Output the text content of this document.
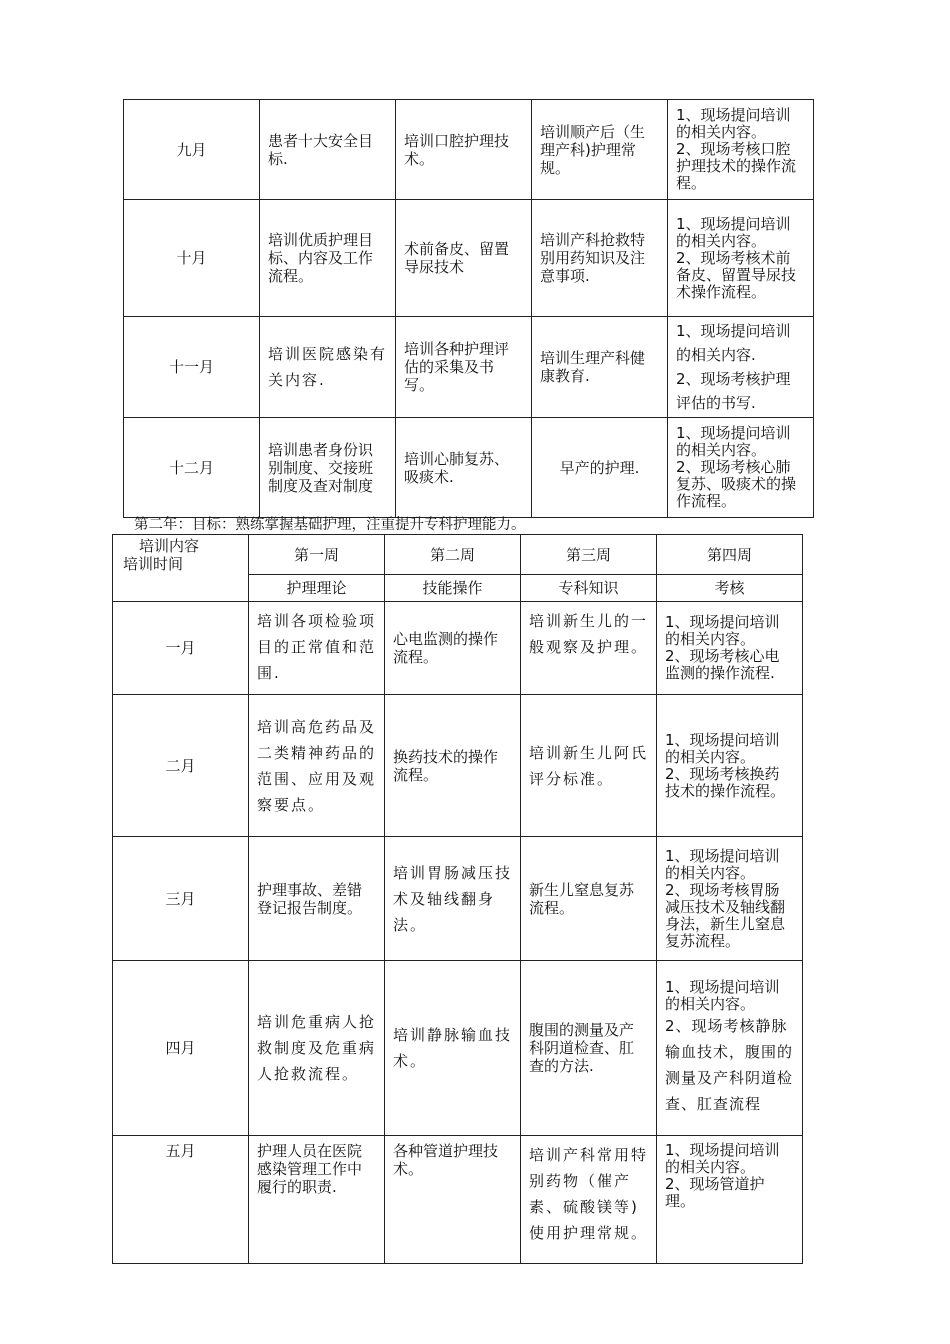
九月	患者十大安全目标.	培训口腔护理技术。	培训顺产后（生理产科)护理常规。	1、现场提问培训的相关内容。
2、现场考核口腔护理技术的操作流程。

十月	培训优质护理目标、内容及工作流程。	术前备皮、留置导尿技术	培训产科抢救特别用药知识及注意事项.	1、现场提问培训的相关内容。
2、现场考核术前备皮、留置导尿技术操作流程。

十一月	培训医院感染有关内容.	培训各种护理评估的采集及书写。	培训生理产科健康教育.	1、现场提问培训的相关内容.
2、现场考核护理评估的书写.

十二月	培训患者身份识别制度、交接班制度及查对制度	培训心肺复苏、吸痰术.	早产的护理.	1、现场提问培训的相关内容。
2、现场考核心肺复苏、吸痰术的操作流程。
第二年：目标：熟练掌握基础护理，注重提升专科护理能力。
培训内容
培训时间	第一周	第二周	第三周	第四周
	护理理论	技能操作	专科知识	考核
一月	培训各项检验项目的正常值和范围.	心电监测的操作流程。	培训新生儿的一般观察及护理。	1、现场提问培训的相关内容。
2、现场考核心电监测的操作流程.

二月	培训高危药品及二类精神药品的范围、应用及观察要点。	换药技术的操作流程。	培训新生儿阿氏评分标准。	1、现场提问培训的相关内容。
2、现场考核换药技术的操作流程。

三月	护理事故、差错登记报告制度。	培训胃肠减压技术及轴线翻身法。	新生儿窒息复苏流程。	1、现场提问培训的相关内容。
2、现场考核胃肠减压技术及轴线翻身法，新生儿窒息复苏流程。

四月	培训危重病人抢救制度及危重病人抢救流程。	培训静脉输血技术。	腹围的测量及产科阴道检查、肛查的方法.	1、现场提问培训的相关内容。
2、现场考核静脉输血技术，腹围的测量及产科阴道检查、肛查流程

五月	护理人员在医院感染管理工作中履行的职责.	各种管道护理技术。	培训产科常用特别药物（催产素、硫酸镁等)使用护理常规。	1、现场提问培训的相关内容。
2、现场管道护理。
